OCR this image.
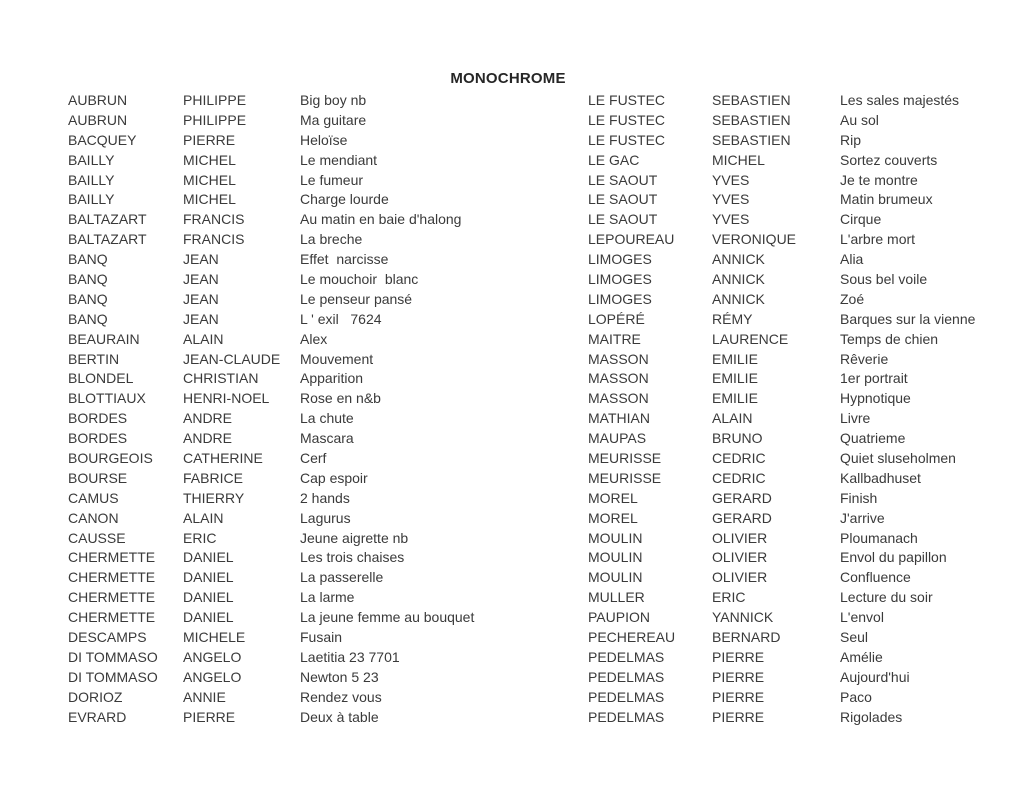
MONOCHROME
AUBRUN	PHILIPPE	Big boy nb
AUBRUN	PHILIPPE	Ma guitare
BACQUEY	PIERRE	Heloïse
BAILLY	MICHEL	Le mendiant
BAILLY	MICHEL	Le fumeur
BAILLY	MICHEL	Charge lourde
BALTAZART	FRANCIS	Au matin en baie d'halong
BALTAZART	FRANCIS	La breche
BANQ	JEAN	Effet  narcisse
BANQ	JEAN	Le mouchoir  blanc
BANQ	JEAN	Le penseur pansé
BANQ	JEAN	L ' exil   7624
BEAURAIN	ALAIN	Alex
BERTIN	JEAN-CLAUDE	Mouvement
BLONDEL	CHRISTIAN	Apparition
BLOTTIAUX	HENRI-NOEL	Rose en n&b
BORDES	ANDRE	La chute
BORDES	ANDRE	Mascara
BOURGEOIS	CATHERINE	Cerf
BOURSE	FABRICE	Cap espoir
CAMUS	THIERRY	2 hands
CANON	ALAIN	Lagurus
CAUSSE	ERIC	Jeune aigrette nb
CHERMETTE	DANIEL	Les trois chaises
CHERMETTE	DANIEL	La passerelle
CHERMETTE	DANIEL	La larme
CHERMETTE	DANIEL	La jeune femme au bouquet
DESCAMPS	MICHELE	Fusain
DI TOMMASO	ANGELO	Laetitia 23 7701
DI TOMMASO	ANGELO	Newton 5 23
DORIOZ	ANNIE	Rendez vous
EVRARD	PIERRE	Deux à table
LE FUSTEC	SEBASTIEN	Les sales majestés
LE FUSTEC	SEBASTIEN	Au sol
LE FUSTEC	SEBASTIEN	Rip
LE GAC	MICHEL	Sortez couverts
LE SAOUT	YVES	Je te montre
LE SAOUT	YVES	Matin brumeux
LE SAOUT	YVES	Cirque
LEPOUREAU	VERONIQUE	L'arbre mort
LIMOGES	ANNICK	Alia
LIMOGES	ANNICK	Sous bel voile
LIMOGES	ANNICK	Zoé
LOPÉRÉ	RÉMY	Barques sur la vienne
MAITRE	LAURENCE	Temps de chien
MASSON	EMILIE	Rêverie
MASSON	EMILIE	1er portrait
MASSON	EMILIE	Hypnotique
MATHIAN	ALAIN	Livre
MAUPAS	BRUNO	Quatrieme
MEURISSE	CEDRIC	Quiet sluseholmen
MEURISSE	CEDRIC	Kallbadhuset
MOREL	GERARD	Finish
MOREL	GERARD	J'arrive
MOULIN	OLIVIER	Ploumanach
MOULIN	OLIVIER	Envol du papillon
MOULIN	OLIVIER	Confluence
MULLER	ERIC	Lecture du soir
PAUPION	YANNICK	L'envol
PECHEREAU	BERNARD	Seul
PEDELMAS	PIERRE	Amélie
PEDELMAS	PIERRE	Aujourd'hui
PEDELMAS	PIERRE	Paco
PEDELMAS	PIERRE	Rigolades
